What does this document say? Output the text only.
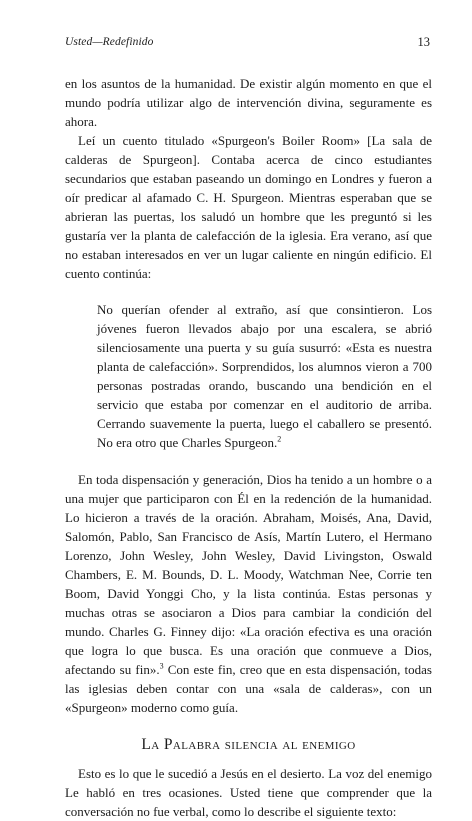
Usted—Redefinido	13

en los asuntos de la humanidad. De existir algún momento en que el mundo podría utilizar algo de intervención divina, seguramente es ahora.

Leí un cuento titulado «Spurgeon's Boiler Room» [La sala de calderas de Spurgeon]. Contaba acerca de cinco estudiantes secundarios que estaban paseando un domingo en Londres y fueron a oír predicar al afamado C. H. Spurgeon. Mientras esperaban que se abrieran las puertas, los saludó un hombre que les preguntó si les gustaría ver la planta de calefacción de la iglesia. Era verano, así que no estaban interesados en ver un lugar caliente en ningún edificio. El cuento continúa:

No querían ofender al extraño, así que consintieron. Los jóvenes fueron llevados abajo por una escalera, se abrió silenciosamente una puerta y su guía susurró: «Esta es nuestra planta de calefacción». Sorprendidos, los alumnos vieron a 700 personas postradas orando, buscando una bendición en el servicio que estaba por comenzar en el auditorio de arriba. Cerrando suavemente la puerta, luego el caballero se presentó. No era otro que Charles Spurgeon.$^2$

En toda dispensación y generación, Dios ha tenido a un hombre o a una mujer que participaron con Él en la redención de la humanidad. Lo hicieron a través de la oración. Abraham, Moisés, Ana, David, Salomón, Pablo, San Francisco de Asís, Martín Lutero, el Hermano Lorenzo, John Wesley, John Wesley, David Livingston, Oswald Chambers, E. M. Bounds, D. L. Moody, Watchman Nee, Corrie ten Boom, David Yonggi Cho, y la lista continúa. Estas personas y muchas otras se asociaron a Dios para cambiar la condición del mundo. Charles G. Finney dijo: «La oración efectiva es una oración que logra lo que busca. Es una oración que conmueve a Dios, afectando su fin».$^3$ Con este fin, creo que en esta dispensación, todas las iglesias deben contar con una «sala de calderas», con un «Spurgeon» moderno como guía.

La Palabra silencia al enemigo

Esto es lo que le sucedió a Jesús en el desierto. La voz del enemigo Le habló en tres ocasiones. Usted tiene que comprender que la conversación no fue verbal, como lo describe el siguiente texto:
